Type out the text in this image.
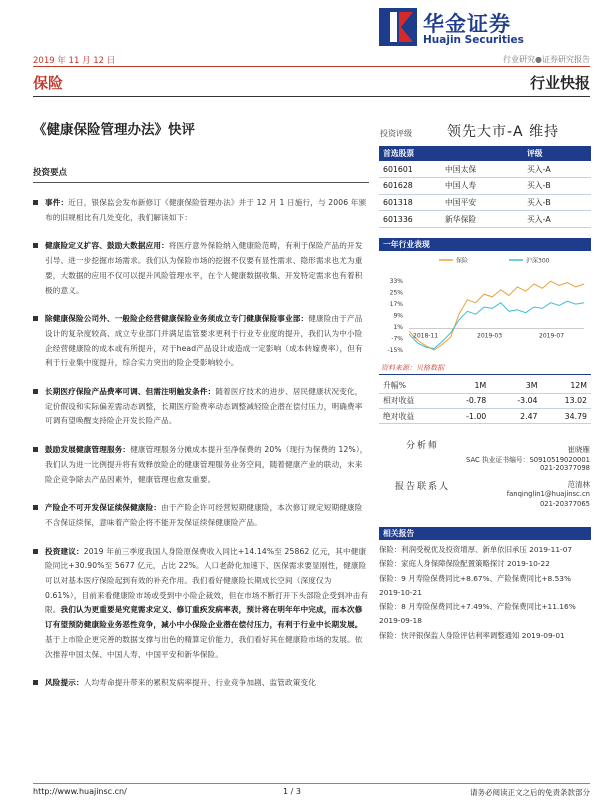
华金证券
Huajin Securities
2019 年 11 月 12 日	行业研究●证券研究报告
保险	行业快报
《健康保险管理办法》快评
投资要点
事件：近日，银保监会发布新修订《健康保险管理办法》并于 12 月 1 日施行，与 2006 年颁布的旧规相比有几处变化，我们解读如下：
健康险定义扩容、鼓励大数据应用：将医疗意外保险纳入健康险范畴，有利于保险产品的开发引导、进一步挖掘市场需求。我们认为保险市场的挖掘不仅要有显性需求、隐形需求也尤为重要，大数据的应用不仅可以提升风险管理水平，在个人健康数据收集、开发特定需求也有着积极的意义。
除健康保险公司外、一般险企经营健康保险业务须成立专门健康保险事业部：健康险由于产品设计的复杂度较高、成立专业部门并满足监管要求更利于行业专业度的提升，我们认为中小险企经营健康险的成本或有所提升，对于head产品设计或造成一定影响（成本转嫁费率），但有利于行业集中度提升，综合实力突出的险企受影响较小。
长期医疗保险产品费率可调、但需注明触发条件：随着医疗技术的进步、居民健康状况变化，定价假设和实际偏差需动态调整，长期医疗险费率动态调整减轻险企潜在偿付压力，明确费率可调有望唤醒支持险企开发长险产品。
鼓励发展健康管理服务：健康管理服务分摊成本提升至净保费的 20%（现行为保费的 12%），我们认为进一比例提升将有效释放险企的健康管理服务业务空间，随着健康产业的联动，未来险企竞争除去产品因素外，健康管理也愈发重要。
产险企不可开发保证续保健康险：由于产险企许可经营短期健康险，本次修订规定短期健康险不含保证续保，意味着产险企将不能开发保证续保健康险产品。
投资建议：2019 年前三季度我国人身险原保费收入同比+14.14%至 25862 亿元，其中健康险同比+30.90%至 5677 亿元，占比 22%。人口老龄化加速下、医保需求要显刚性，健康险可以对基本医疗保险起到有效的补充作用。我们看好健康险长期成长空间（深度仅为 0.61%），目前来看健康险市场或受到中小险企裁效，但在市场不断打开下头部险企受到冲击有限。我们认为更重要是究竟需求定义、修订重疾发病率表，预计将在明年年中完成，而本次修订有望预防健康险业务恶性竞争，减小中小保险企业潜在偿付压力，有利于行业中长期发展。基于上市险企更完善的数据支撑与出色的精算定价能力，我们看好其在健康险市场的发展。依次推荐中国太保、中国人寿、中国平安和新华保险。
风险提示：人均寿命提升带来的累积发病率提升、行业竞争加剧、监管政策变化
投资评级	领先大市-A 维持
首选股票		评级
601601	中国太保	买入-A
601628	中国人寿	买入-B
601318	中国平安	买入-B
601336	新华保险	买入-A
一年行业表现
保险	沪深300
33%
25%
17%
9%
1%
-7%
-15%
2018-11	2019-03	2019-07
资料来源：贝格数据
升幅%	1M	3M	12M
相对收益	-0.78	-3.04	13.02
绝对收益	-1.00	2.47	34.79
分析师	崔晓雁
SAC 执业证书编号：S0910519020001
021-20377098
报告联系人	范清林
fanqinglin1@huajinsc.cn
021-20377065
相关报告
保险：利润受税优及投资增厚、新单依旧承压 2019-11-07
保险：家庭人身保障保险配置策略探讨 2019-10-22
保险：9 月寿险保费同比+8.67%、产险保费同比+8.53% 2019-10-21
保险：8 月寿险保费同比+7.49%、产险保费同比+11.16% 2019-09-18
保险：快评银保监人身险评估利率调整通知 2019-09-01
http://www.huajinsc.cn/	1 / 3	请务必阅读正文之后的免责条款部分
